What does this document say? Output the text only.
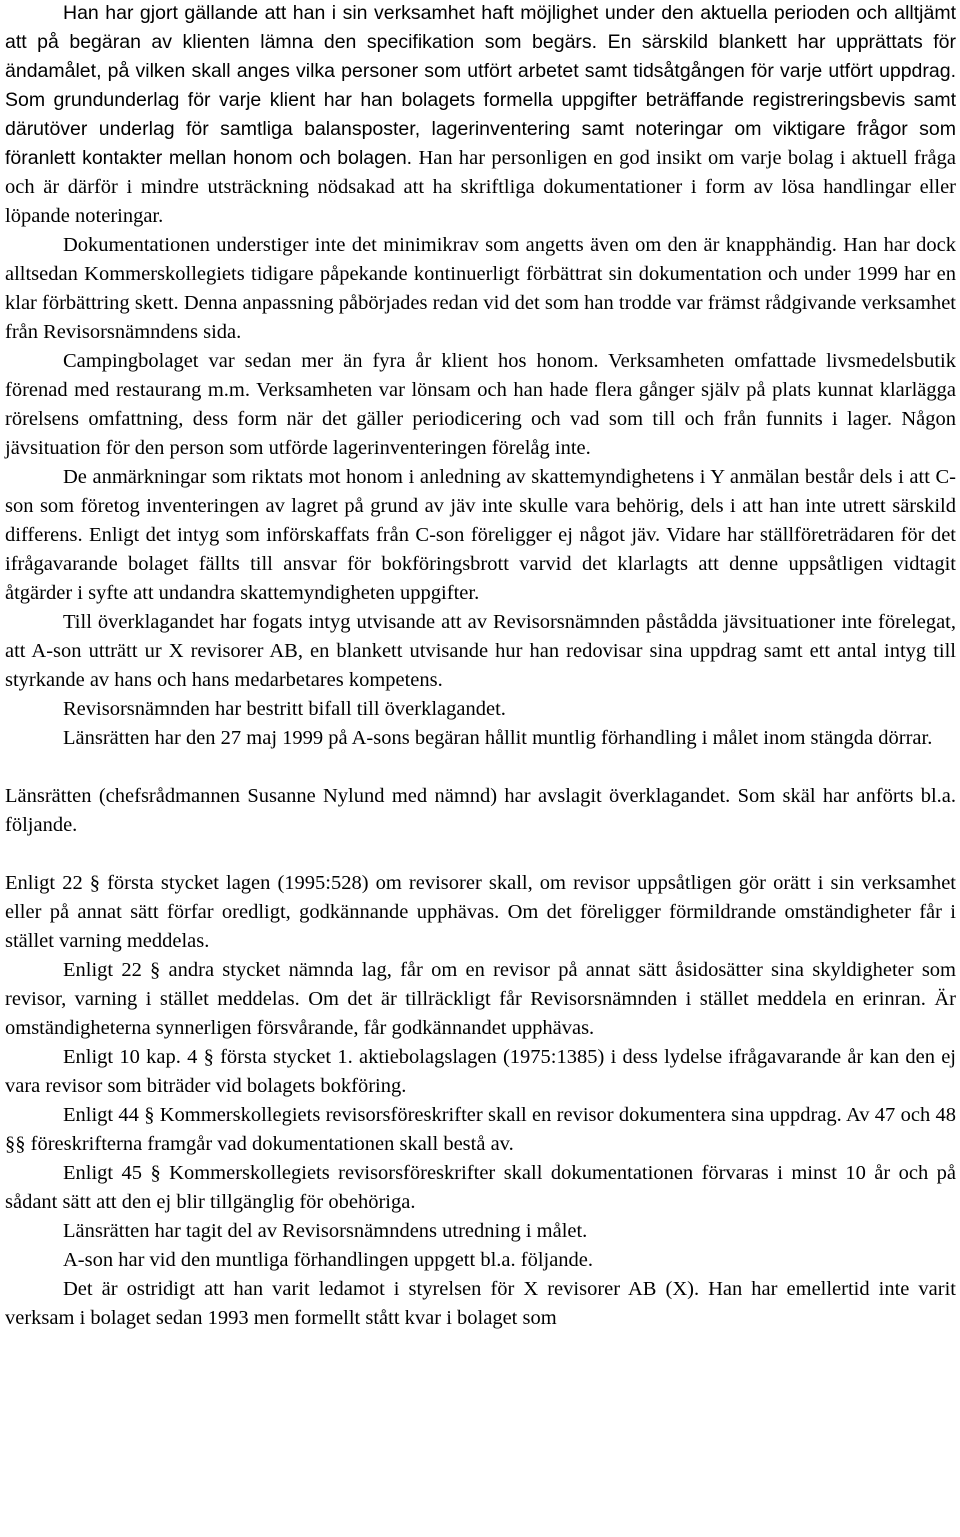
Han har gjort gällande att han i sin verksamhet haft möjlighet under den aktuella perioden och alltjämt att på begäran av klienten lämna den specifikation som begärs. En särskild blankett har upprättats för ändamålet, på vilken skall anges vilka personer som utfört arbetet samt tidsåtgången för varje utfört uppdrag. Som grundunderlag för varje klient har han bolagets formella uppgifter beträffande registreringsbevis samt därutöver underlag för samtliga balansposter, lagerinventering samt noteringar om viktigare frågor som föranlett kontakter mellan honom och bolagen. Han har personligen en god insikt om varje bolag i aktuell fråga och är därför i mindre utsträckning nödsakad att ha skriftliga dokumentationer i form av lösa handlingar eller löpande noteringar.

Dokumentationen understiger inte det minimikrav som angetts även om den är knapphändig. Han har dock alltsedan Kommerskollegiets tidigare påpekande kontinuerligt förbättrat sin dokumentation och under 1999 har en klar förbättring skett. Denna anpassning påbörjades redan vid det som han trodde var främst rådgivande verksamhet från Revisorsnämndens sida.

Campingbolaget var sedan mer än fyra år klient hos honom. Verksamheten omfattade livsmedelsbutik förenad med restaurang m.m. Verksamheten var lönsam och han hade flera gånger själv på plats kunnat klarlägga rörelsens omfattning, dess form när det gäller periodicering och vad som till och från funnits i lager. Någon jävsituation för den person som utförde lagerinventeringen förelåg inte.

De anmärkningar som riktats mot honom i anledning av skattemyndighetens i Y anmälan består dels i att C-son som företog inventeringen av lagret på grund av jäv inte skulle vara behörig, dels i att han inte utrett särskild differens. Enligt det intyg som införskaffats från C-son föreligger ej något jäv. Vidare har ställföreträdaren för det ifrågavarande bolaget fällts till ansvar för bokföringsbrott varvid det klarlagts att denne uppsåtligen vidtagit åtgärder i syfte att undandra skattemyndigheten uppgifter.

Till överklagandet har fogats intyg utvisande att av Revisorsnämnden påstådda jävsituationer inte förelegat, att A-son utträtt ur X revisorer AB, en blankett utvisande hur han redovisar sina uppdrag samt ett antal intyg till styrkande av hans och hans medarbetares kompetens.

Revisorsnämnden har bestritt bifall till överklagandet.

Länsrätten har den 27 maj 1999 på A-sons begäran hållit muntlig förhandling i målet inom stängda dörrar.

Länsrätten (chefsrådmannen Susanne Nylund med nämnd) har avslagit överklagandet. Som skäl har anförts bl.a. följande.

Enligt 22 § första stycket lagen (1995:528) om revisorer skall, om revisor uppsåtligen gör orätt i sin verksamhet eller på annat sätt förfar oredligt, godkännande upphävas. Om det föreligger förmildrande omständigheter får i stället varning meddelas.

Enligt 22 § andra stycket nämnda lag, får om en revisor på annat sätt åsidosätter sina skyldigheter som revisor, varning i stället meddelas. Om det är tillräckligt får Revisorsnämnden i stället meddela en erinran. Är omständigheterna synnerligen försvårande, får godkännandet upphävas.

Enligt 10 kap. 4 § första stycket 1. aktiebolagslagen (1975:1385) i dess lydelse ifrågavarande år kan den ej vara revisor som biträder vid bolagets bokföring.

Enligt 44 § Kommerskollegiets revisorsföreskrifter skall en revisor dokumentera sina uppdrag. Av 47 och 48 §§ föreskrifterna framgår vad dokumentationen skall bestå av.

Enligt 45 § Kommerskollegiets revisorsföreskrifter skall dokumentationen förvaras i minst 10 år och på sådant sätt att den ej blir tillgänglig för obehöriga.

Länsrätten har tagit del av Revisorsnämndens utredning i målet.

A-son har vid den muntliga förhandlingen uppgett bl.a. följande.

Det är ostridigt att han varit ledamot i styrelsen för X revisorer AB (X). Han har emellertid inte varit verksam i bolaget sedan 1993 men formellt stått kvar i bolaget som
